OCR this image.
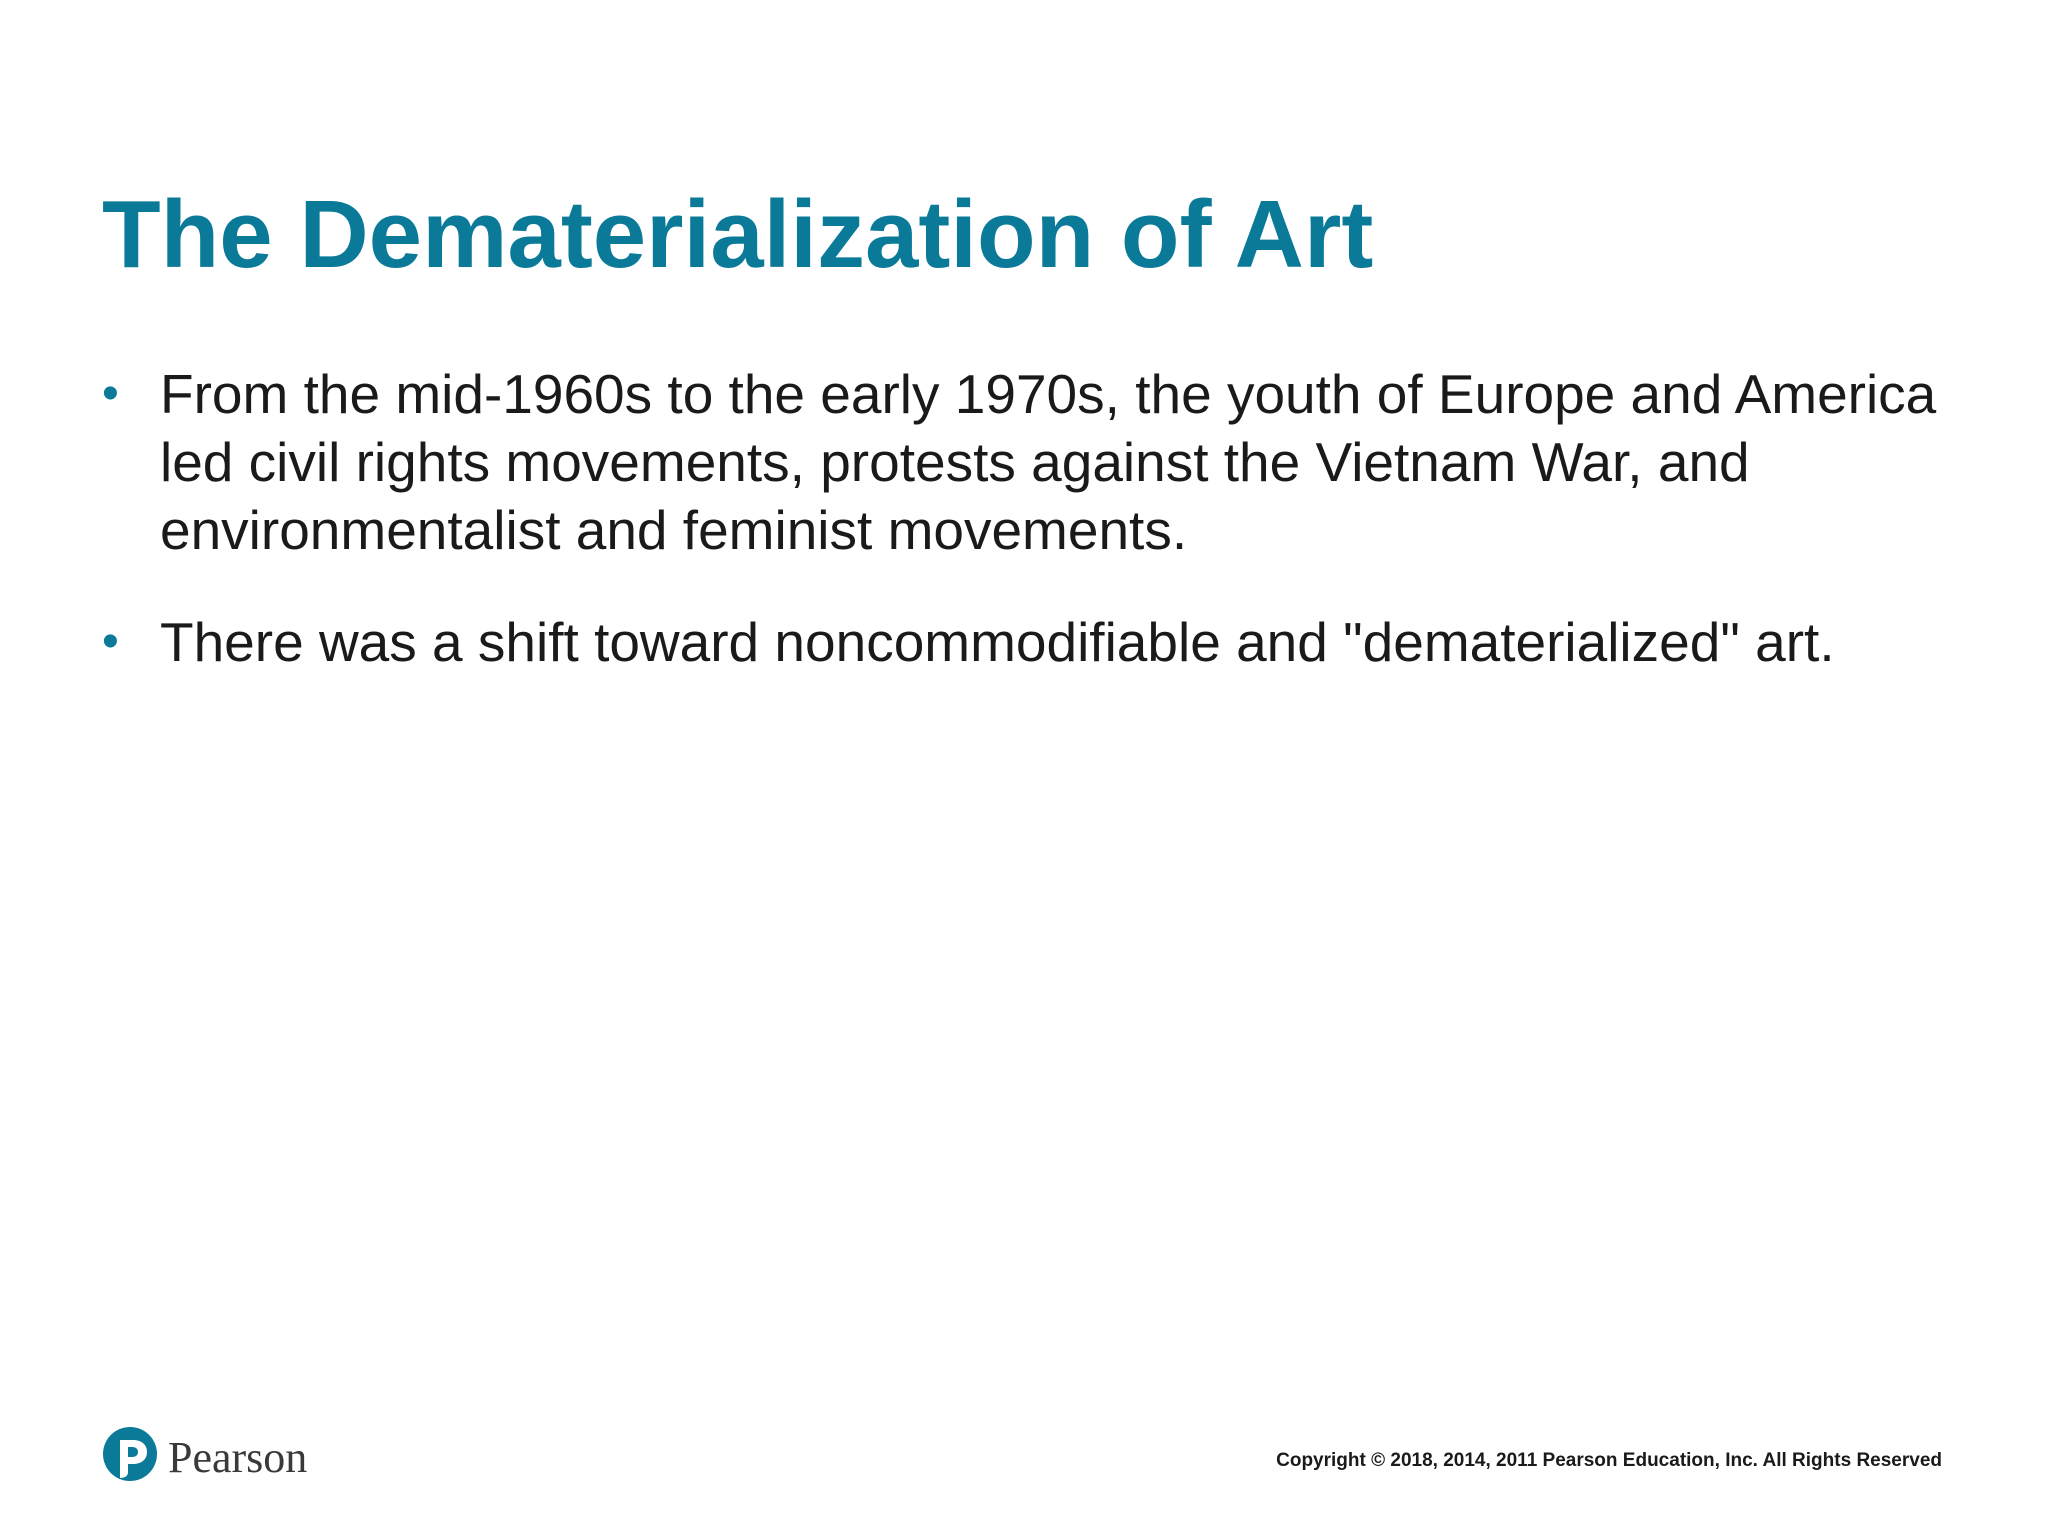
The Dematerialization of Art
• From the mid-1960s to the early 1970s, the youth of Europe and America led civil rights movements, protests against the Vietnam War, and environmentalist and feminist movements.
• There was a shift toward noncommodifiable and "dematerialized" art.
Pearson	Copyright © 2018, 2014, 2011 Pearson Education, Inc. All Rights Reserved
